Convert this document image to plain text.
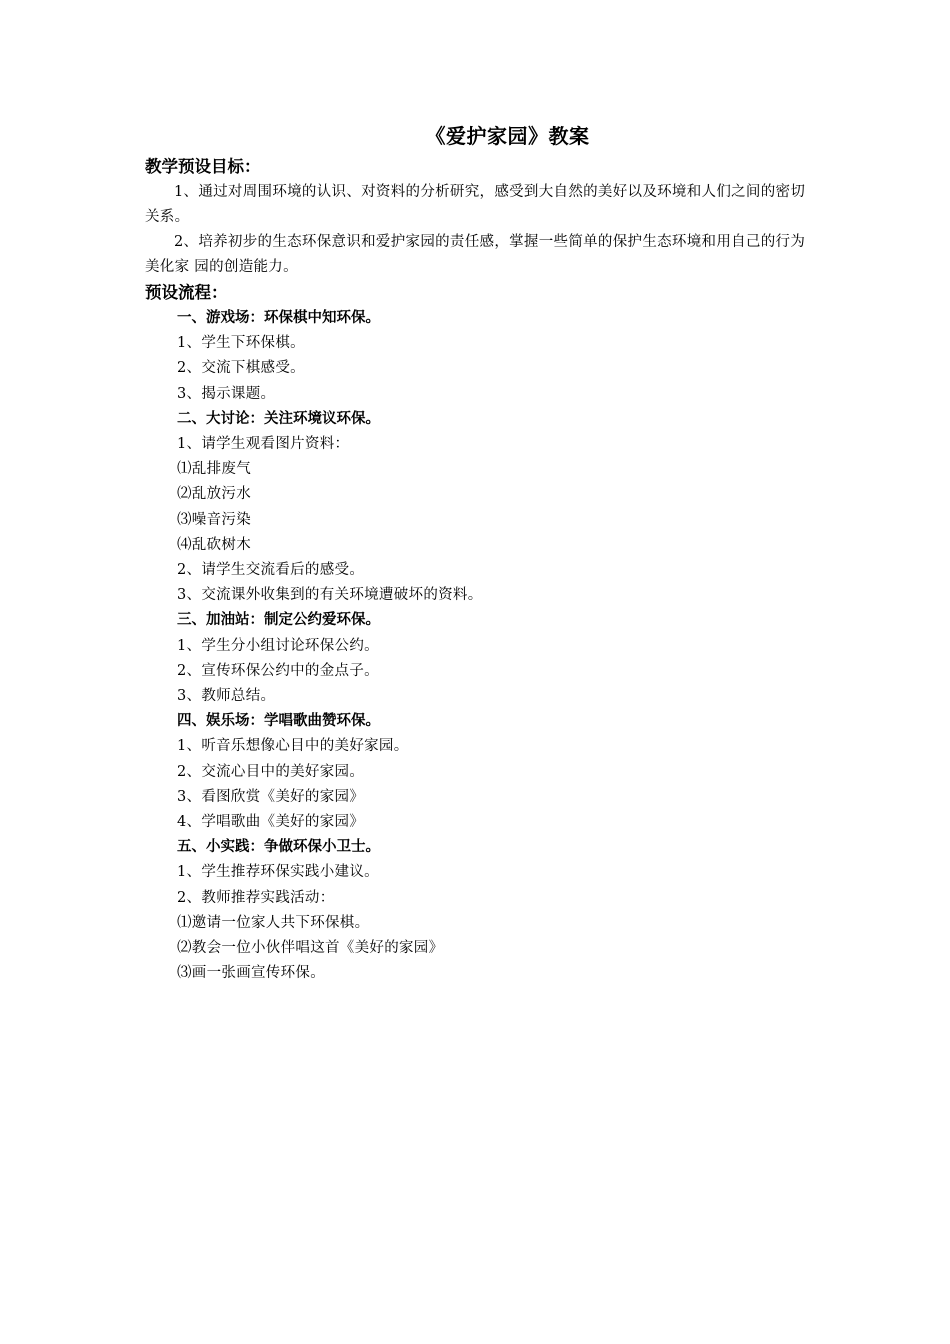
《爱护家园》教案
教学预设目标：

1、通过对周围环境的认识、对资料的分析研究，感受到大自然的美好以及环境和人们之间的密切关系。

2、培养初步的生态环保意识和爱护家园的责任感，掌握一些简单的保护生态环境和用自己的行为美化家 园的创造能力。

预设流程：

一、游戏场：环保棋中知环保。

1、学生下环保棋。

2、交流下棋感受。

3、揭示课题。

二、大讨论：关注环境议环保。

1、请学生观看图片资料：

⑴乱排废气

⑵乱放污水

⑶噪音污染

⑷乱砍树木

2、请学生交流看后的感受。

3、交流课外收集到的有关环境遭破坏的资料。

三、加油站：制定公约爱环保。

1、学生分小组讨论环保公约。

2、宣传环保公约中的金点子。

3、教师总结。

四、娱乐场：学唱歌曲赞环保。

1、听音乐想像心目中的美好家园。

2、交流心目中的美好家园。

3、看图欣赏《美好的家园》

4、学唱歌曲《美好的家园》

五、小实践：争做环保小卫士。

1、学生推荐环保实践小建议。

2、教师推荐实践活动：

⑴邀请一位家人共下环保棋。

⑵教会一位小伙伴唱这首《美好的家园》

⑶画一张画宣传环保。
